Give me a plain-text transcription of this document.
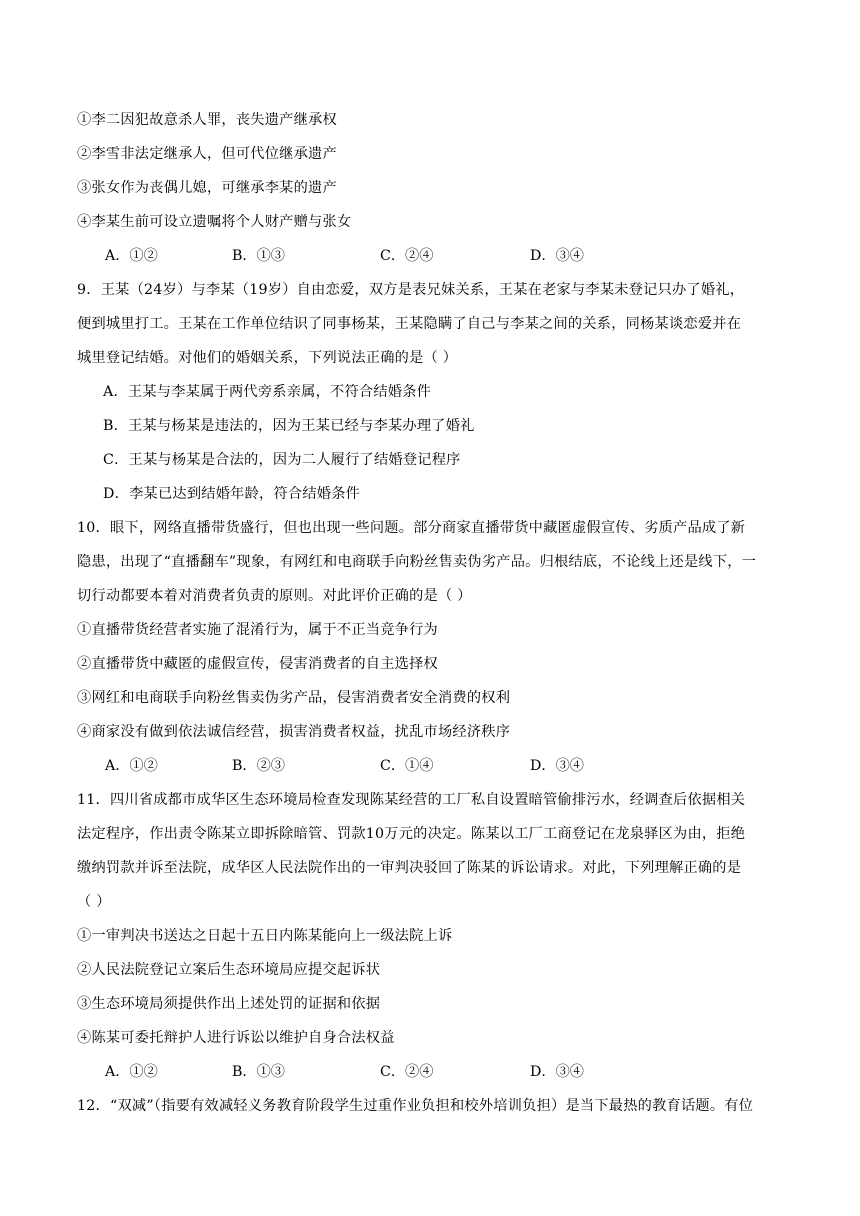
①李二因犯故意杀人罪，丧失遗产继承权
②李雪非法定继承人，但可代位继承遗产
③张女作为丧偶儿媳，可继承李某的遗产
④李某生前可设立遗嘱将个人财产赠与张女
A．①②	B．①③	C．②④	D．③④
9．王某（24岁）与李某（19岁）自由恋爱，双方是表兄妹关系，王某在老家与李某未登记只办了婚礼，
便到城里打工。王某在工作单位结识了同事杨某，王某隐瞒了自己与李某之间的关系，同杨某谈恋爱并在
城里登记结婚。对他们的婚姻关系，下列说法正确的是（ ）
A．王某与李某属于两代旁系亲属，不符合结婚条件
B．王某与杨某是违法的，因为王某已经与李某办理了婚礼
C．王某与杨某是合法的，因为二人履行了结婚登记程序
D．李某已达到结婚年龄，符合结婚条件
10．眼下，网络直播带货盛行，但也出现一些问题。部分商家直播带货中藏匿虚假宣传、劣质产品成了新
隐患，出现了“直播翻车”现象，有网红和电商联手向粉丝售卖伪劣产品。归根结底，不论线上还是线下，一
切行动都要本着对消费者负责的原则。对此评价正确的是（ ）
①直播带货经营者实施了混淆行为，属于不正当竞争行为
②直播带货中藏匿的虚假宣传，侵害消费者的自主选择权
③网红和电商联手向粉丝售卖伪劣产品，侵害消费者安全消费的权利
④商家没有做到依法诚信经营，损害消费者权益，扰乱市场经济秩序
A．①②	B．②③	C．①④	D．③④
11．四川省成都市成华区生态环境局检查发现陈某经营的工厂私自设置暗管偷排污水，经调查后依据相关
法定程序，作出责令陈某立即拆除暗管、罚款10万元的决定。陈某以工厂工商登记在龙泉驿区为由，拒绝
缴纳罚款并诉至法院，成华区人民法院作出的一审判决驳回了陈某的诉讼请求。对此，下列理解正确的是
（ ）
①一审判决书送达之日起十五日内陈某能向上一级法院上诉
②人民法院登记立案后生态环境局应提交起诉状
③生态环境局须提供作出上述处罚的证据和依据
④陈某可委托辩护人进行诉讼以维护自身合法权益
A．①②	B．①③	C．②④	D．③④
12．“双减”（指要有效减轻义务教育阶段学生过重作业负担和校外培训负担）是当下最热的教育话题。有位
